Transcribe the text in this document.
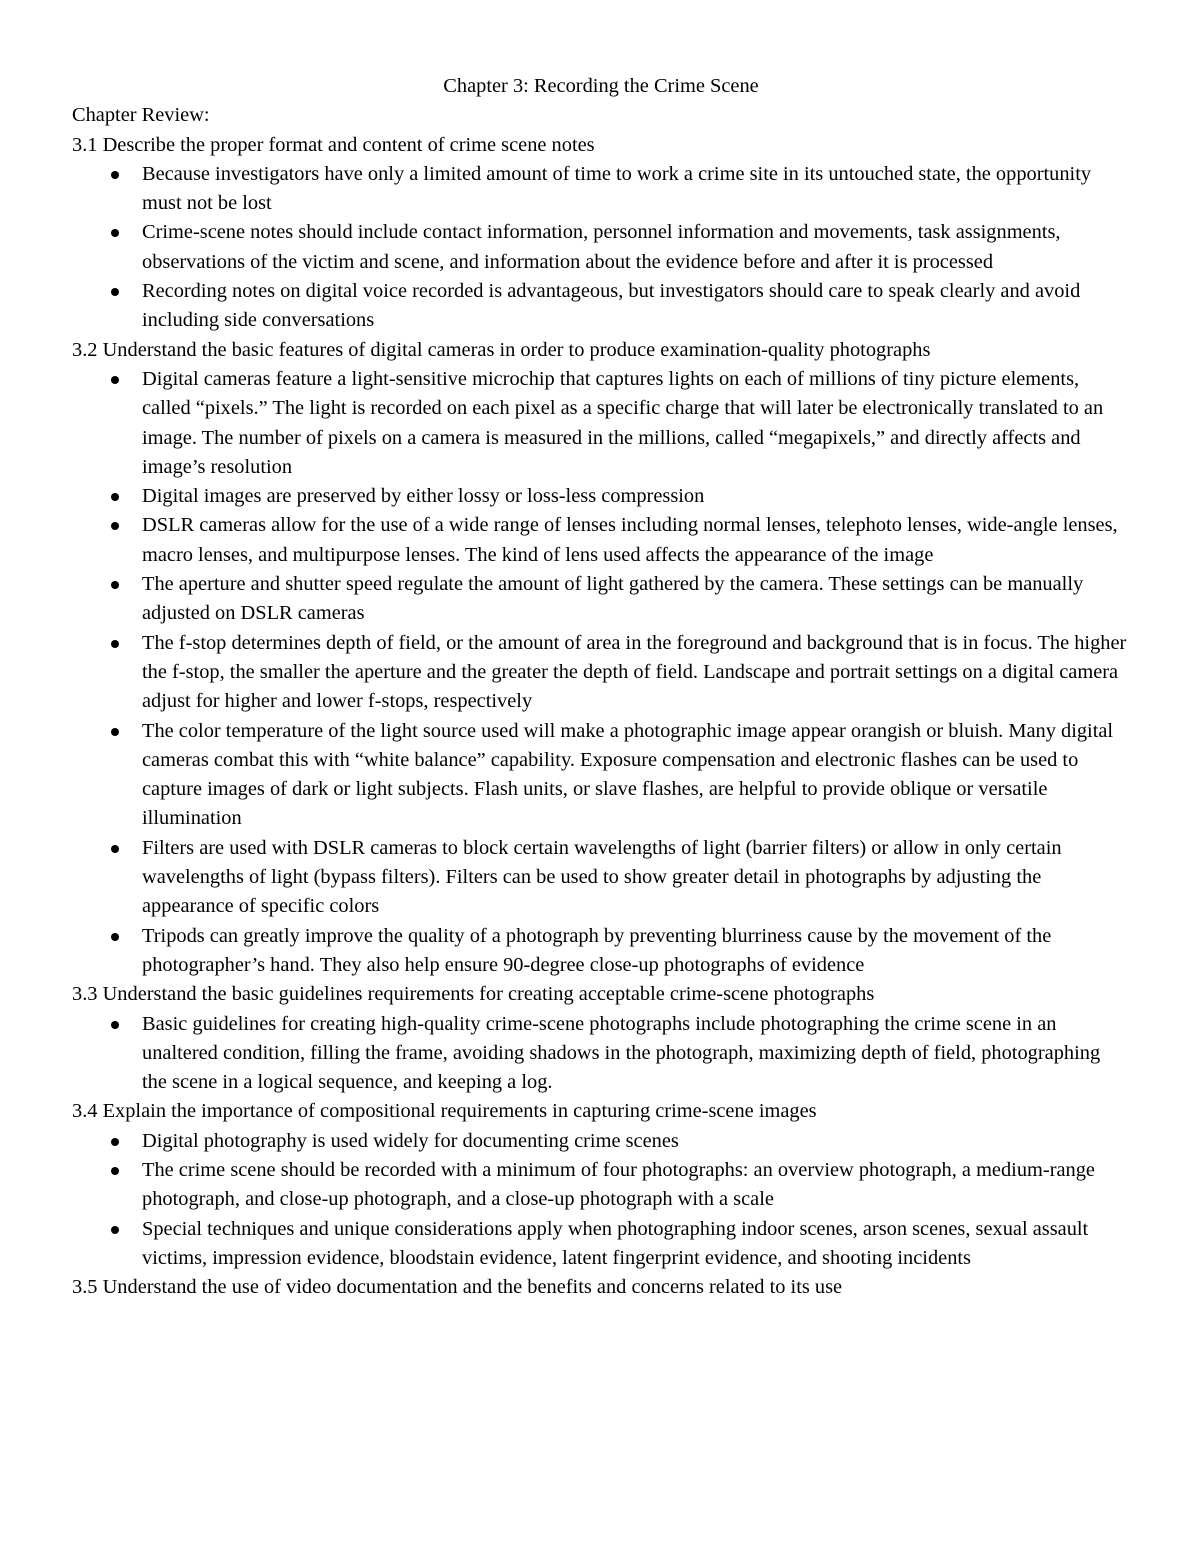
Chapter 3: Recording the Crime Scene

Chapter Review:

3.1 Describe the proper format and content of crime scene notes

Because investigators have only a limited amount of time to work a crime site in its untouched state, the opportunity must not be lost
Crime-scene notes should include contact information, personnel information and movements, task assignments, observations of the victim and scene, and information about the evidence before and after it is processed
Recording notes on digital voice recorded is advantageous, but investigators should care to speak clearly and avoid including side conversations

3.2 Understand the basic features of digital cameras in order to produce examination-quality photographs

Digital cameras feature a light-sensitive microchip that captures lights on each of millions of tiny picture elements, called “pixels.” The light is recorded on each pixel as a specific charge that will later be electronically translated to an image. The number of pixels on a camera is measured in the millions, called “megapixels,” and directly affects and image’s resolution
Digital images are preserved by either lossy or loss-less compression
DSLR cameras allow for the use of a wide range of lenses including normal lenses, telephoto lenses, wide-angle lenses, macro lenses, and multipurpose lenses. The kind of lens used affects the appearance of the image
The aperture and shutter speed regulate the amount of light gathered by the camera. These settings can be manually adjusted on DSLR cameras
The f-stop determines depth of field, or the amount of area in the foreground and background that is in focus. The higher the f-stop, the smaller the aperture and the greater the depth of field. Landscape and portrait settings on a digital camera adjust for higher and lower f-stops, respectively
The color temperature of the light source used will make a photographic image appear orangish or bluish. Many digital cameras combat this with “white balance” capability. Exposure compensation and electronic flashes can be used to capture images of dark or light subjects. Flash units, or slave flashes, are helpful to provide oblique or versatile illumination
Filters are used with DSLR cameras to block certain wavelengths of light (barrier filters) or allow in only certain wavelengths of light (bypass filters). Filters can be used to show greater detail in photographs by adjusting the appearance of specific colors
Tripods can greatly improve the quality of a photograph by preventing blurriness cause by the movement of the photographer’s hand. They also help ensure 90-degree close-up photographs of evidence

3.3 Understand the basic guidelines requirements for creating acceptable crime-scene photographs

Basic guidelines for creating high-quality crime-scene photographs include photographing the crime scene in an unaltered condition, filling the frame, avoiding shadows in the photograph, maximizing depth of field, photographing the scene in a logical sequence, and keeping a log.

3.4 Explain the importance of compositional requirements in capturing crime-scene images

Digital photography is used widely for documenting crime scenes
The crime scene should be recorded with a minimum of four photographs: an overview photograph, a medium-range photograph, and close-up photograph, and a close-up photograph with a scale
Special techniques and unique considerations apply when photographing indoor scenes, arson scenes, sexual assault victims, impression evidence, bloodstain evidence, latent fingerprint evidence, and shooting incidents

3.5 Understand the use of video documentation and the benefits and concerns related to its use
